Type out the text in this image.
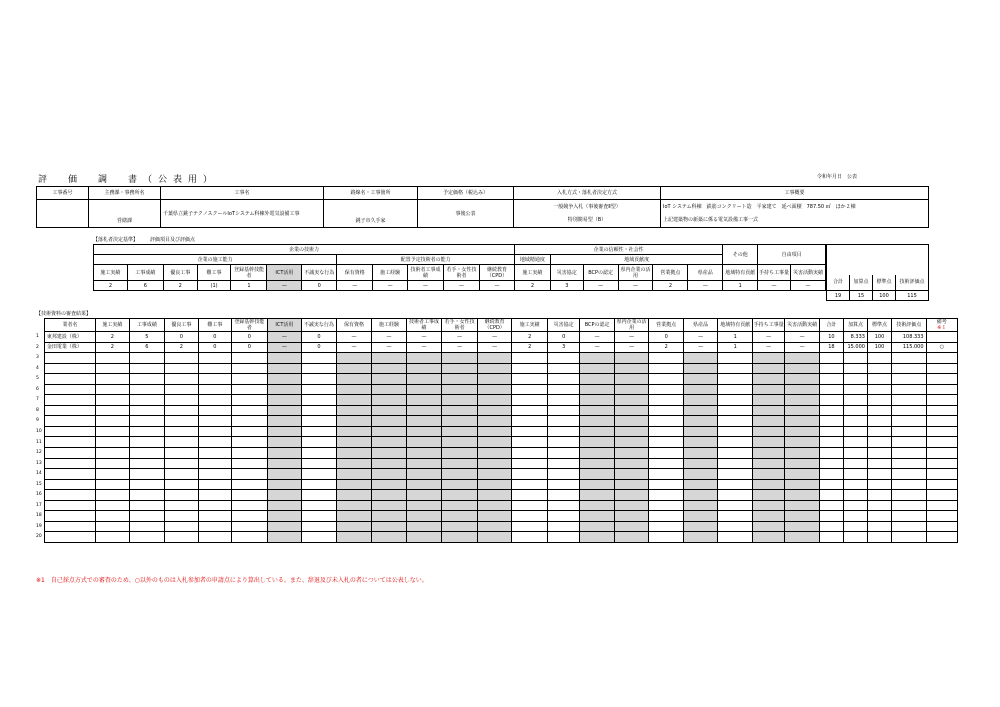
評　価　調　書（公表用）	令和年月日　公表
工事番号	主務課・事務所名	工事名	路線名・工事箇所	予定価格（税込み）	入札方式・落札者決定方式	工事概要
	営繕課	千葉県立銚子テクノスクールIoTシステム科棟外電気設備工事	銚子市久手家	事後公表	一般競争入札（事後審査Ⅱ型）	IoT システム科棟　鉄筋コンクリート造　平家建て　延べ面積　787.50 ㎡　ほか２棟
					特別簡易型（B）	上記建築物の新築に係る電気設備工事一式
【落札者決定基準】 評価項目及び評価点
企業の技術力												企業の信頼性・社会性						その他	自由項目	
企業の施工能力							配置予定技術者の能力					地域精通度	地域貢献度							
施工実績	工事成績	優良工事	難工事	登録基幹技能者	ICT活用	不誠実な行為	保有資格	施工経験	技術者工事成績	若手・女性技術者	継続教育（CPD）	施工実績	災害協定	BCPの認定	県内企業の活用	営業拠点	県産品	地域特有貢献	手持ち工事量	災害活動実績
2	6	2	(1)	1	—	0	—	—	—	—	—	2	3	—	—	2	—	1	—	—

合計	加算点	標準点	技術評価点
19	15	100	115
【技術資料の審査結果】
	業者名	施工実績	工事成績	優良工事	難工事	登録基幹技能者	ICT活用	不誠実な行為	保有資格	施工経験	技術者工事成績	若手・女性技術者	継続教育（CPD）	施工実績	災害協定	BCPの認定	県内企業の活用	営業拠点	県産品	地域特有貢献	手持ち工事量	災害活動実績	合計	加算点	標準点	技術評価点	備考
※１

1	東邦建設（株）	2	5	0	0	0	—	0	—	—	—	—	—	2	0	—	—	0	—	1	—	—	10	8.333	100	108.333	
2	金田電業（株）	2	6	2	0	0	—	0	—	—	—	—	—	2	3	—	—	2	—	1	—	—	18	15.000	100	115.000	○
3																											
4																											
5																											
6																											
7																											
8																											
9																											
10																											
11																											
12																											
13																											
14																											
15																											
16																											
17																											
18																											
19																											
20																											
※1　自己採点方式での審査のため、○以外のものは入札参加者の申請点により算出している。また、辞退及び未入札の者については公表しない。
